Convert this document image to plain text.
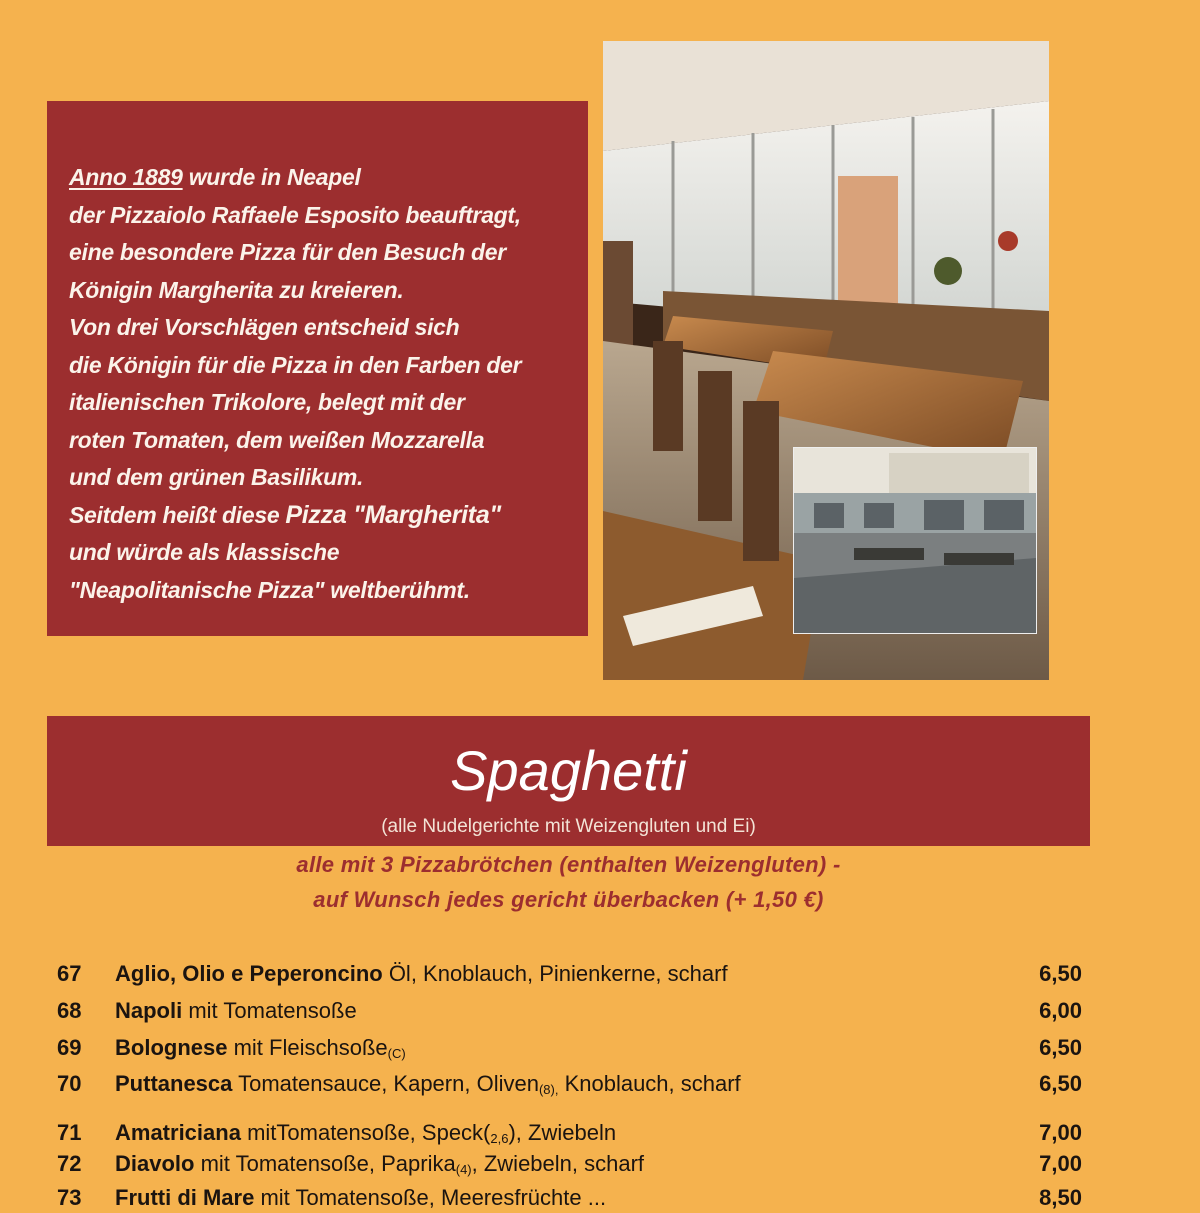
Anno 1889 wurde in Neapel
der Pizzaiolo Raffaele Esposito beauftragt,
eine besondere Pizza für den Besuch der
Königin Margherita zu kreieren.
Von drei Vorschlägen entscheid sich
die Königin für die Pizza in den Farben der
italienischen Trikolore, belegt mit der
roten Tomaten, dem weißen Mozzarella
und dem grünen Basilikum.
Seitdem heißt diese Pizza "Margherita"
und würde als klassische
"Neapolitanische Pizza" weltberühmt.
Spaghetti
(alle Nudelgerichte mit Weizengluten und Ei)
alle mit 3 Pizzabrötchen (enthalten Weizengluten) -
auf Wunsch jedes gericht überbacken (+ 1,50 €)
67 Aglio, Olio e Peperoncino Öl, Knoblauch, Pinienkerne, scharf	6,50
68 Napoli mit Tomatensoße	6,00
69 Bolognese mit Fleischsoße$_{(C)}$	6,50
70 Puttanesca Tomatensauce, Kapern, Oliven$_{(8),}$ Knoblauch, scharf	6,50
71 Amatriciana mitTomatensoße, $Speck(_{2,6})$, Zwiebeln	7,00
72 Diavolo mit Tomatensoße, Paprika$_{(4)}$, Zwiebeln, scharf	7,00
73 Frutti di Mare mit Tomatensoße, Meeresfrüchte ...	8,50
